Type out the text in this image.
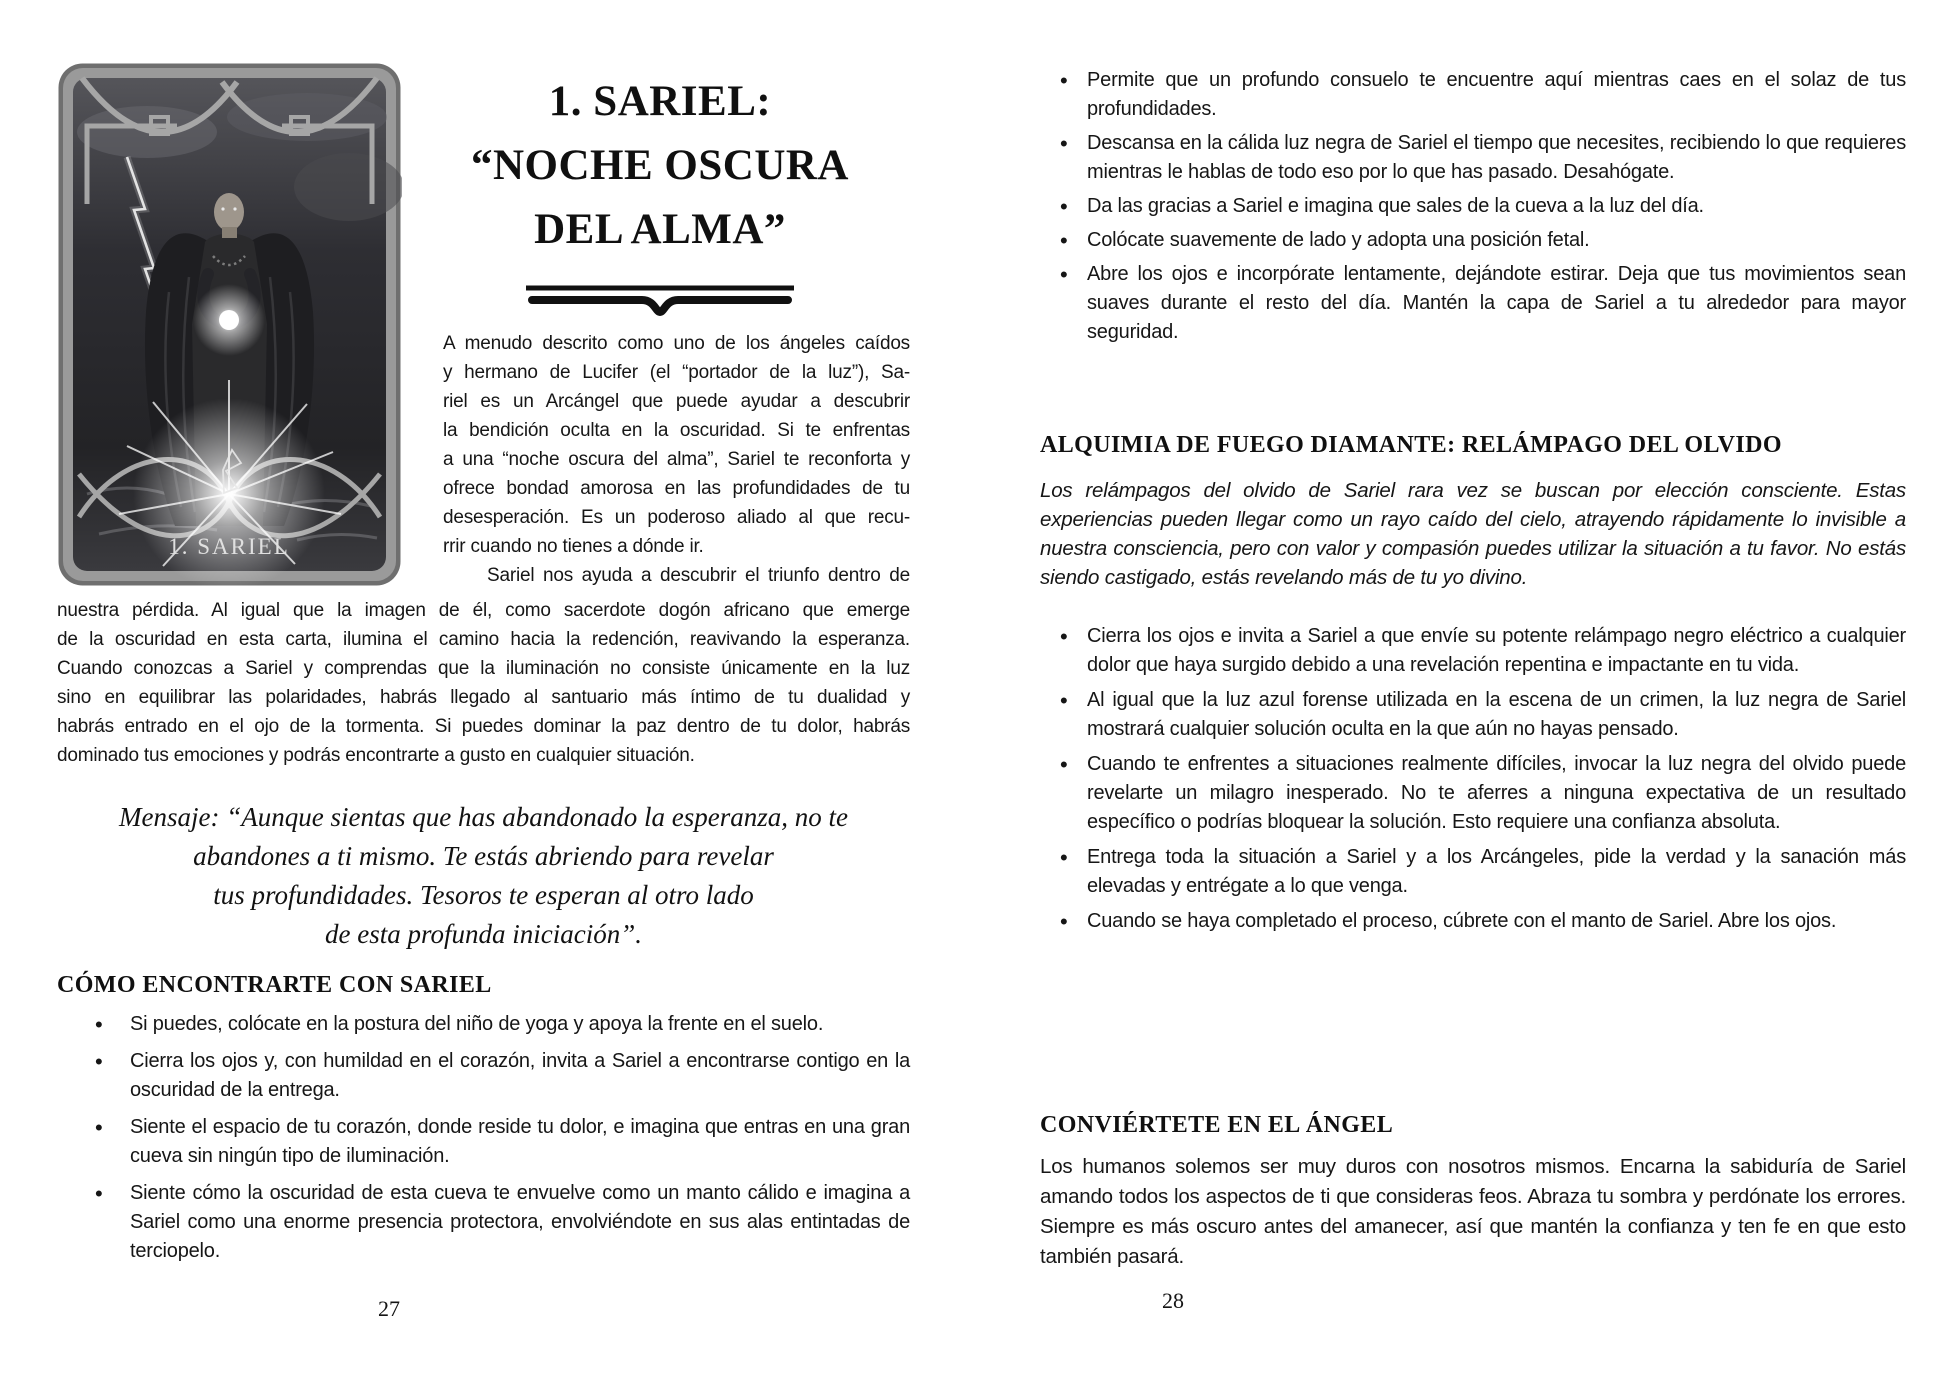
1. SARIEL
1. SARIEL:
“NOCHE OSCURA
DEL ALMA”
A menudo descrito como uno de los ángeles caídos
y hermano de Lucifer (el “portador de la luz”), Sa-
riel es un Arcángel que puede ayudar a descubrir
la bendición oculta en la oscuridad. Si te enfrentas
a una “noche oscura del alma”, Sariel te reconforta y
ofrece bondad amorosa en las profundidades de tu
desesperación. Es un poderoso aliado al que recu-
rrir cuando no tienes a dónde ir.
Sariel nos ayuda a descubrir el triunfo dentro de
nuestra pérdida. Al igual que la imagen de él, como sacerdote dogón africano que emerge
de la oscuridad en esta carta, ilumina el camino hacia la redención, reavivando la esperanza.
Cuando conozcas a Sariel y comprendas que la iluminación no consiste únicamente en la luz
sino en equilibrar las polaridades, habrás llegado al santuario más íntimo de tu dualidad y
habrás entrado en el ojo de la tormenta. Si puedes dominar la paz dentro de tu dolor, habrás
dominado tus emociones y podrás encontrarte a gusto en cualquier situación.
Mensaje: “Aunque sientas que has abandonado la esperanza, no te
abandones a ti mismo. Te estás abriendo para revelar
tus profundidades. Tesoros te esperan al otro lado
de esta profunda iniciación”.
CÓMO ENCONTRARTE CON SARIEL
• Si puedes, colócate en la postura del niño de yoga y apoya la frente en el suelo.
• Cierra los ojos y, con humildad en el corazón, invita a Sariel a encontrarse contigo en la oscuridad de la entrega.
• Siente el espacio de tu corazón, donde reside tu dolor, e imagina que entras en una gran cueva sin ningún tipo de iluminación.
• Siente cómo la oscuridad de esta cueva te envuelve como un manto cálido e imagina a Sariel como una enorme presencia protectora, envolviéndote en sus alas entintadas de terciopelo.
27
• Permite que un profundo consuelo te encuentre aquí mientras caes en el solaz de tus profundidades.
• Descansa en la cálida luz negra de Sariel el tiempo que necesites, recibiendo lo que requieres mientras le hablas de todo eso por lo que has pasado. Desahógate.
• Da las gracias a Sariel e imagina que sales de la cueva a la luz del día.
• Colócate suavemente de lado y adopta una posición fetal.
• Abre los ojos e incorpórate lentamente, dejándote estirar. Deja que tus movimientos sean suaves durante el resto del día. Mantén la capa de Sariel a tu alrededor para mayor seguridad.
ALQUIMIA DE FUEGO DIAMANTE: RELÁMPAGO DEL OLVIDO
Los relámpagos del olvido de Sariel rara vez se buscan por elección consciente. Estas experiencias pueden llegar como un rayo caído del cielo, atrayendo rápidamente lo invisible a nuestra consciencia, pero con valor y compasión puedes utilizar la situación a tu favor. No estás siendo castigado, estás revelando más de tu yo divino.
• Cierra los ojos e invita a Sariel a que envíe su potente relámpago negro eléctrico a cualquier dolor que haya surgido debido a una revelación repentina e impactante en tu vida.
• Al igual que la luz azul forense utilizada en la escena de un crimen, la luz negra de Sariel mostrará cualquier solución oculta en la que aún no hayas pensado.
• Cuando te enfrentes a situaciones realmente difíciles, invocar la luz negra del olvido puede revelarte un milagro inesperado. No te aferres a ninguna expectativa de un resultado específico o podrías bloquear la solución. Esto requiere una confianza absoluta.
• Entrega toda la situación a Sariel y a los Arcángeles, pide la verdad y la sanación más elevadas y entrégate a lo que venga.
• Cuando se haya completado el proceso, cúbrete con el manto de Sariel. Abre los ojos.
CONVIÉRTETE EN EL ÁNGEL
Los humanos solemos ser muy duros con nosotros mismos. Encarna la sabiduría de Sariel amando todos los aspectos de ti que consideras feos. Abraza tu sombra y perdónate los errores. Siempre es más oscuro antes del amanecer, así que mantén la confianza y ten fe en que esto también pasará.
28
